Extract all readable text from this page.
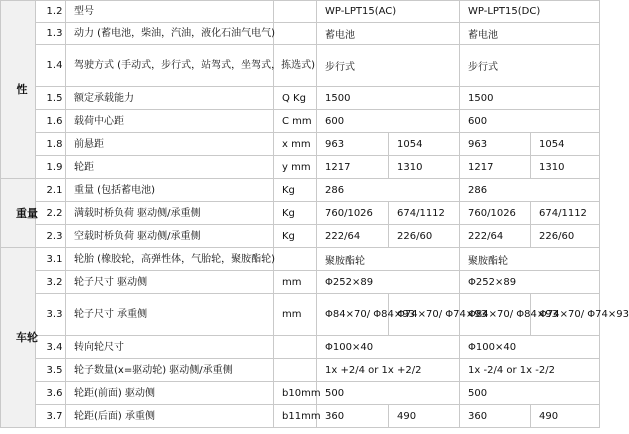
性	1.2	型号		WP-LPT15(AC)		WP-LPT15(DC)	
	1.3	动力 (蓄电池，柴油，汽油，液化石油气电气)		蓄电池		蓄电池	
	1.4	驾驶方式 (手动式，步行式，站驾式，坐驾式，拣选式)		步行式		步行式	
	1.5	额定承载能力	Q Kg	1500		1500	
	1.6	载荷中心距	C mm	600		600	
	1.8	前悬距	x mm	963	1054	963	1054
	1.9	轮距	y mm	1217	1310	1217	1310

重量	2.1	重量 (包括蓄电池)	Kg	286		286	
	2.2	满载时桥负荷 驱动侧/承重侧	Kg	760/1026	674/1112	760/1026	674/1112
	2.3	空载时桥负荷 驱动侧/承重侧	Kg	222/64	226/60	222/64	226/60

车轮	3.1	轮胎 (橡胶轮，高弹性体，气胎轮，聚胺酯轮)		聚胺酯轮		聚胺酯轮	
	3.2	轮子尺寸 驱动侧	mm	Φ252×89		Φ252×89	
	3.3	轮子尺寸 承重侧	mm	Φ84×70/ Φ84×93	Φ74×70/ Φ74×93	Φ84×70/ Φ84×93	Φ74×70/ Φ74×93
	3.4	转向轮尺寸		Φ100×40		Φ100×40	
	3.5	轮子数量(x=驱动轮) 驱动侧/承重侧		1x +2/4 or 1x +2/2		1x -2/4 or 1x -2/2	
	3.6	轮距(前面) 驱动侧	b10mm	500		500	
	3.7	轮距(后面) 承重侧	b11mm	360	490	360	490
